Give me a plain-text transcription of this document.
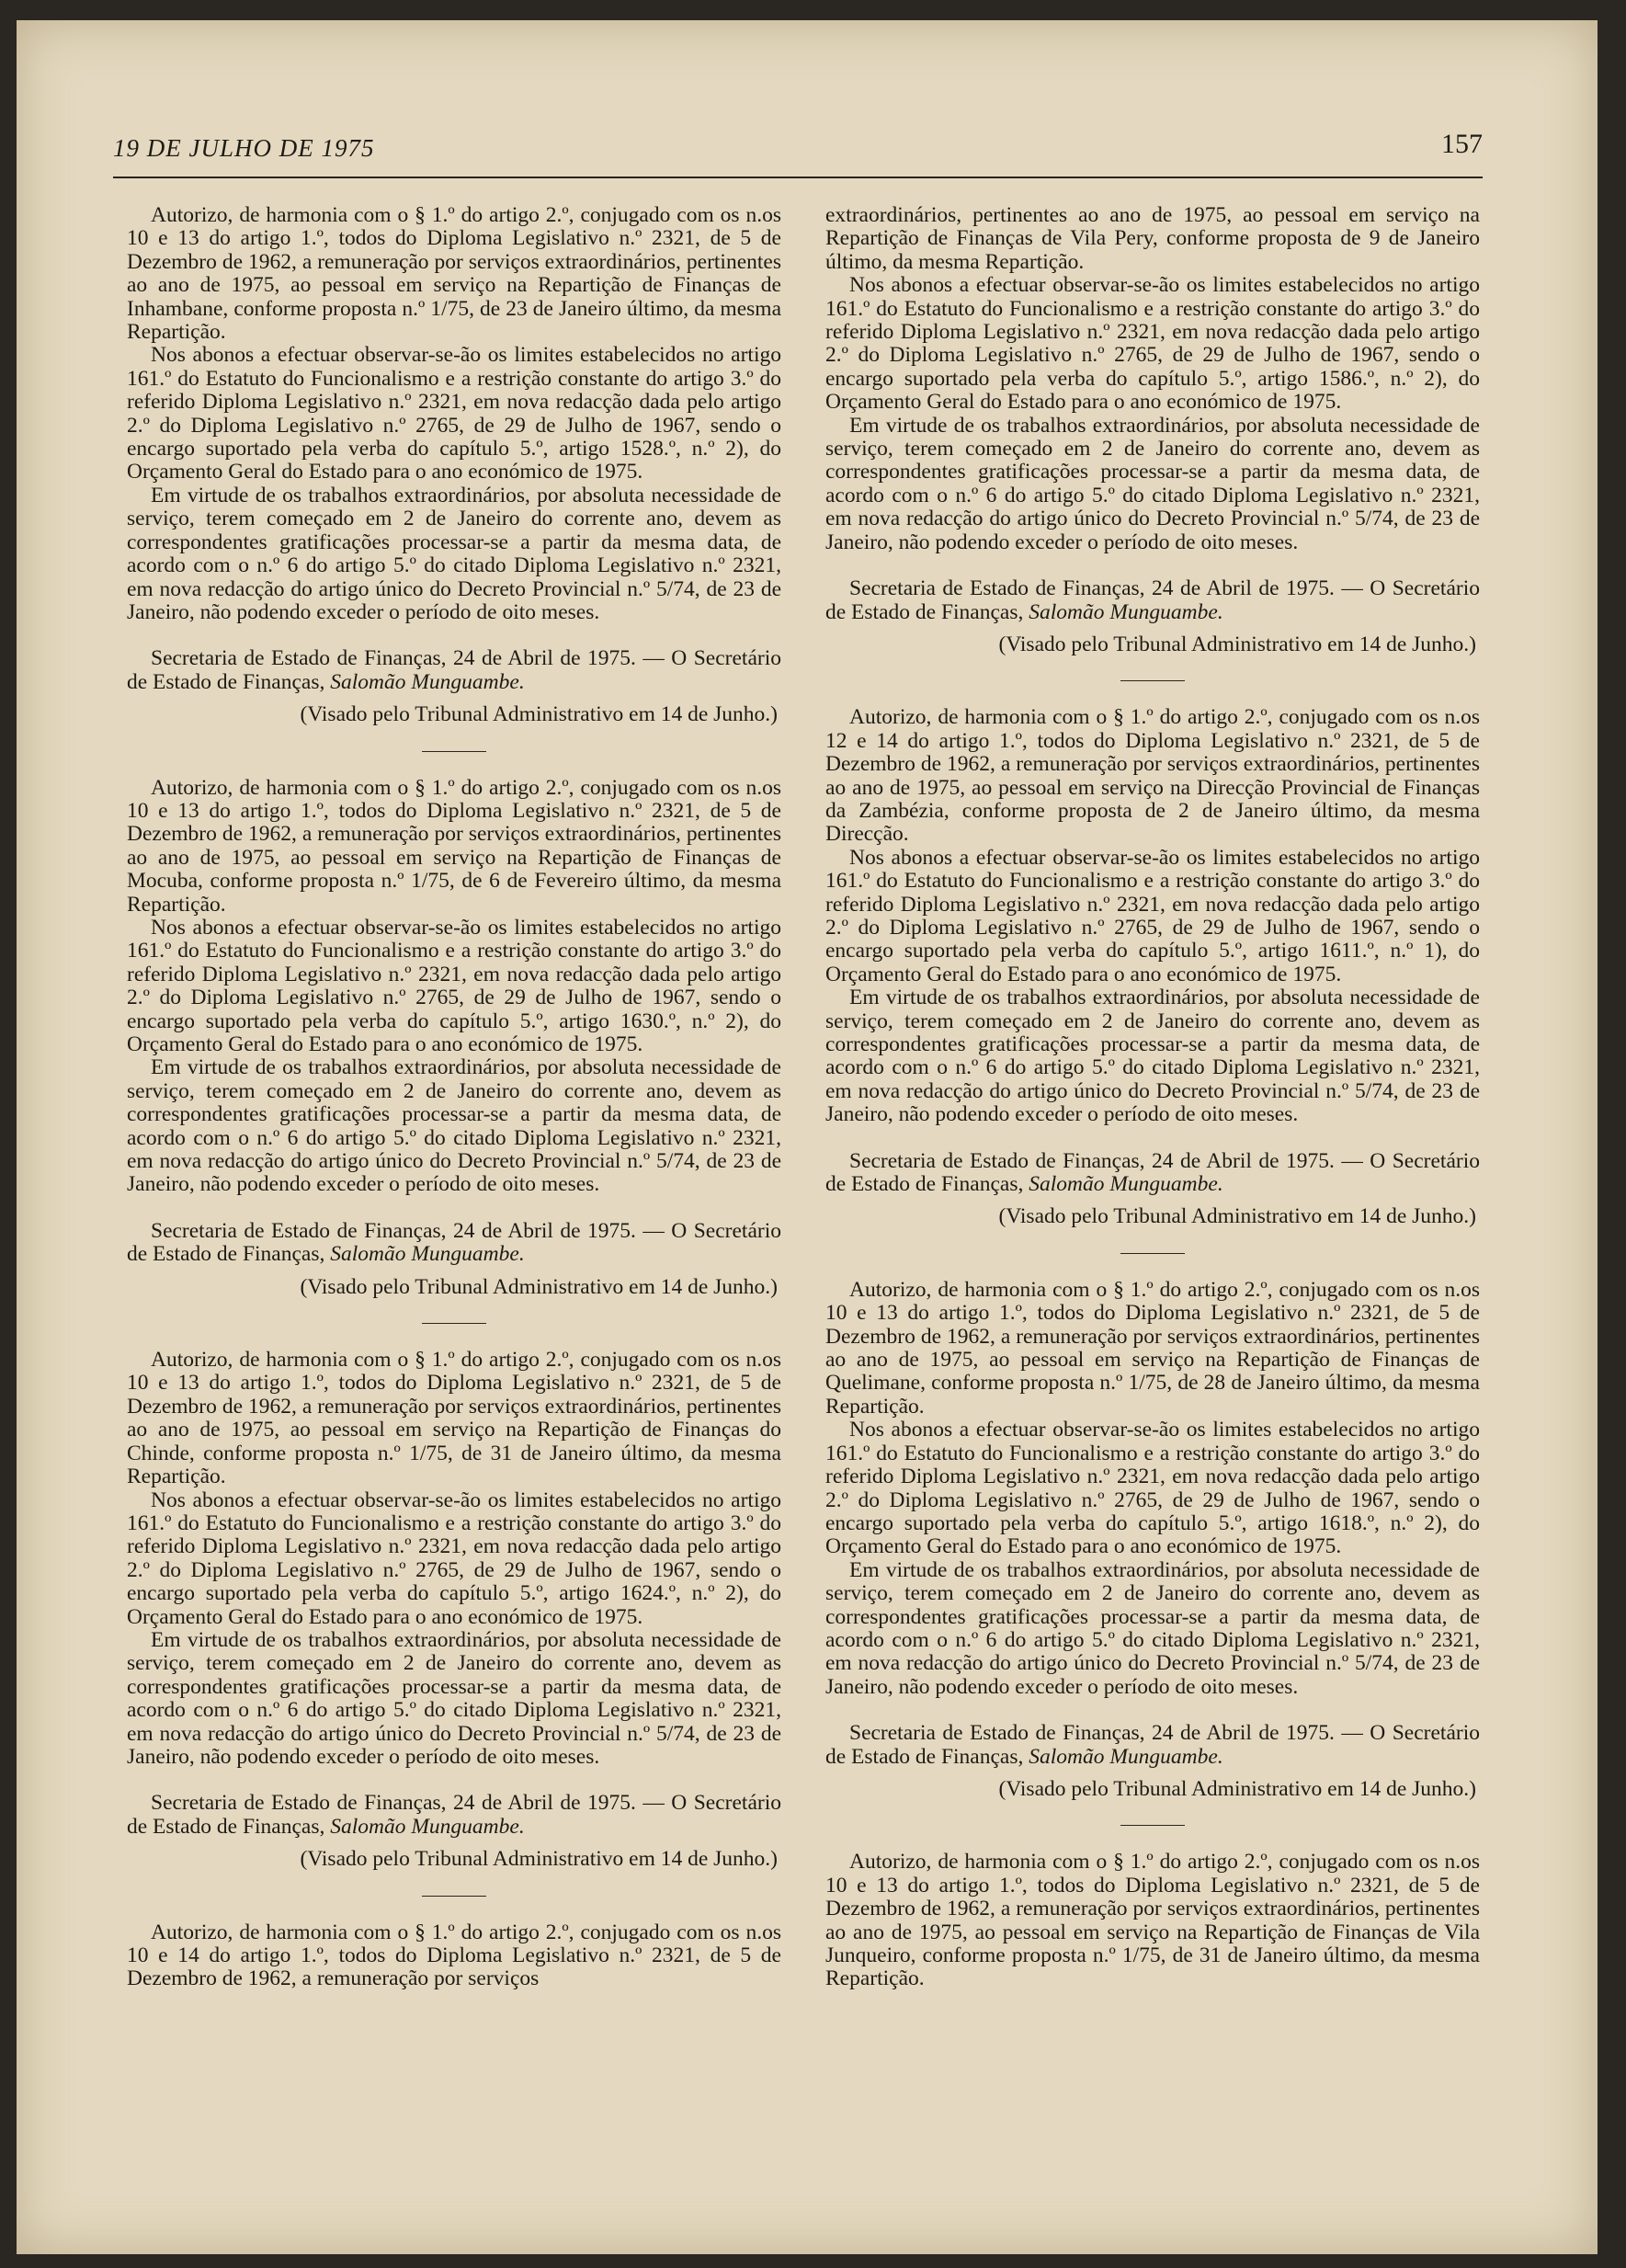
19 DE JULHO DE 1975	157

Autorizo, de harmonia com o § 1.º do artigo 2.º, conjugado com os n.os 10 e 13 do artigo 1.º, todos do Diploma Legislativo n.º 2321, de 5 de Dezembro de 1962, a remuneração por serviços extraordinários, pertinentes ao ano de 1975, ao pessoal em serviço na Repartição de Finanças de Inhambane, conforme proposta n.º 1/75, de 23 de Janeiro último, da mesma Repartição.

Nos abonos a efectuar observar-se-ão os limites estabelecidos no artigo 161.º do Estatuto do Funcionalismo e a restrição constante do artigo 3.º do referido Diploma Legislativo n.º 2321, em nova redacção dada pelo artigo 2.º do Diploma Legislativo n.º 2765, de 29 de Julho de 1967, sendo o encargo suportado pela verba do capítulo 5.º, artigo 1528.º, n.º 2), do Orçamento Geral do Estado para o ano económico de 1975.

Em virtude de os trabalhos extraordinários, por absoluta necessidade de serviço, terem começado em 2 de Janeiro do corrente ano, devem as correspondentes gratificações processar-se a partir da mesma data, de acordo com o n.º 6 do artigo 5.º do citado Diploma Legislativo n.º 2321, em nova redacção do artigo único do Decreto Provincial n.º 5/74, de 23 de Janeiro, não podendo exceder o período de oito meses.

Secretaria de Estado de Finanças, 24 de Abril de 1975. — O Secretário de Estado de Finanças, Salomão Munguambe.

(Visado pelo Tribunal Administrativo em 14 de Junho.)

Autorizo, de harmonia com o § 1.º do artigo 2.º, conjugado com os n.os 10 e 13 do artigo 1.º, todos do Diploma Legislativo n.º 2321, de 5 de Dezembro de 1962, a remuneração por serviços extraordinários, pertinentes ao ano de 1975, ao pessoal em serviço na Repartição de Finanças de Mocuba, conforme proposta n.º 1/75, de 6 de Fevereiro último, da mesma Repartição.

Nos abonos a efectuar observar-se-ão os limites estabelecidos no artigo 161.º do Estatuto do Funcionalismo e a restrição constante do artigo 3.º do referido Diploma Legislativo n.º 2321, em nova redacção dada pelo artigo 2.º do Diploma Legislativo n.º 2765, de 29 de Julho de 1967, sendo o encargo suportado pela verba do capítulo 5.º, artigo 1630.º, n.º 2), do Orçamento Geral do Estado para o ano económico de 1975.

Em virtude de os trabalhos extraordinários, por absoluta necessidade de serviço, terem começado em 2 de Janeiro do corrente ano, devem as correspondentes gratificações processar-se a partir da mesma data, de acordo com o n.º 6 do artigo 5.º do citado Diploma Legislativo n.º 2321, em nova redacção do artigo único do Decreto Provincial n.º 5/74, de 23 de Janeiro, não podendo exceder o período de oito meses.

Secretaria de Estado de Finanças, 24 de Abril de 1975. — O Secretário de Estado de Finanças, Salomão Munguambe.

(Visado pelo Tribunal Administrativo em 14 de Junho.)

Autorizo, de harmonia com o § 1.º do artigo 2.º, conjugado com os n.os 10 e 13 do artigo 1.º, todos do Diploma Legislativo n.º 2321, de 5 de Dezembro de 1962, a remuneração por serviços extraordinários, pertinentes ao ano de 1975, ao pessoal em serviço na Repartição de Finanças do Chinde, conforme proposta n.º 1/75, de 31 de Janeiro último, da mesma Repartição.

Nos abonos a efectuar observar-se-ão os limites estabelecidos no artigo 161.º do Estatuto do Funcionalismo e a restrição constante do artigo 3.º do referido Diploma Legislativo n.º 2321, em nova redacção dada pelo artigo 2.º do Diploma Legislativo n.º 2765, de 29 de Julho de 1967, sendo o encargo suportado pela verba do capítulo 5.º, artigo 1624.º, n.º 2), do Orçamento Geral do Estado para o ano económico de 1975.

Em virtude de os trabalhos extraordinários, por absoluta necessidade de serviço, terem começado em 2 de Janeiro do corrente ano, devem as correspondentes gratificações processar-se a partir da mesma data, de acordo com o n.º 6 do artigo 5.º do citado Diploma Legislativo n.º 2321, em nova redacção do artigo único do Decreto Provincial n.º 5/74, de 23 de Janeiro, não podendo exceder o período de oito meses.

Secretaria de Estado de Finanças, 24 de Abril de 1975. — O Secretário de Estado de Finanças, Salomão Munguambe.

(Visado pelo Tribunal Administrativo em 14 de Junho.)

Autorizo, de harmonia com o § 1.º do artigo 2.º, conjugado com os n.os 10 e 14 do artigo 1.º, todos do Diploma Legislativo n.º 2321, de 5 de Dezembro de 1962, a remuneração por serviços

extraordinários, pertinentes ao ano de 1975, ao pessoal em serviço na Repartição de Finanças de Vila Pery, conforme proposta de 9 de Janeiro último, da mesma Repartição.

Nos abonos a efectuar observar-se-ão os limites estabelecidos no artigo 161.º do Estatuto do Funcionalismo e a restrição constante do artigo 3.º do referido Diploma Legislativo n.º 2321, em nova redacção dada pelo artigo 2.º do Diploma Legislativo n.º 2765, de 29 de Julho de 1967, sendo o encargo suportado pela verba do capítulo 5.º, artigo 1586.º, n.º 2), do Orçamento Geral do Estado para o ano económico de 1975.

Em virtude de os trabalhos extraordinários, por absoluta necessidade de serviço, terem começado em 2 de Janeiro do corrente ano, devem as correspondentes gratificações processar-se a partir da mesma data, de acordo com o n.º 6 do artigo 5.º do citado Diploma Legislativo n.º 2321, em nova redacção do artigo único do Decreto Provincial n.º 5/74, de 23 de Janeiro, não podendo exceder o período de oito meses.

Secretaria de Estado de Finanças, 24 de Abril de 1975. — O Secretário de Estado de Finanças, Salomão Munguambe.

(Visado pelo Tribunal Administrativo em 14 de Junho.)

Autorizo, de harmonia com o § 1.º do artigo 2.º, conjugado com os n.os 12 e 14 do artigo 1.º, todos do Diploma Legislativo n.º 2321, de 5 de Dezembro de 1962, a remuneração por serviços extraordinários, pertinentes ao ano de 1975, ao pessoal em serviço na Direcção Provincial de Finanças da Zambézia, conforme proposta de 2 de Janeiro último, da mesma Direcção.

Nos abonos a efectuar observar-se-ão os limites estabelecidos no artigo 161.º do Estatuto do Funcionalismo e a restrição constante do artigo 3.º do referido Diploma Legislativo n.º 2321, em nova redacção dada pelo artigo 2.º do Diploma Legislativo n.º 2765, de 29 de Julho de 1967, sendo o encargo suportado pela verba do capítulo 5.º, artigo 1611.º, n.º 1), do Orçamento Geral do Estado para o ano económico de 1975.

Em virtude de os trabalhos extraordinários, por absoluta necessidade de serviço, terem começado em 2 de Janeiro do corrente ano, devem as correspondentes gratificações processar-se a partir da mesma data, de acordo com o n.º 6 do artigo 5.º do citado Diploma Legislativo n.º 2321, em nova redacção do artigo único do Decreto Provincial n.º 5/74, de 23 de Janeiro, não podendo exceder o período de oito meses.

Secretaria de Estado de Finanças, 24 de Abril de 1975. — O Secretário de Estado de Finanças, Salomão Munguambe.

(Visado pelo Tribunal Administrativo em 14 de Junho.)

Autorizo, de harmonia com o § 1.º do artigo 2.º, conjugado com os n.os 10 e 13 do artigo 1.º, todos do Diploma Legislativo n.º 2321, de 5 de Dezembro de 1962, a remuneração por serviços extraordinários, pertinentes ao ano de 1975, ao pessoal em serviço na Repartição de Finanças de Quelimane, conforme proposta n.º 1/75, de 28 de Janeiro último, da mesma Repartição.

Nos abonos a efectuar observar-se-ão os limites estabelecidos no artigo 161.º do Estatuto do Funcionalismo e a restrição constante do artigo 3.º do referido Diploma Legislativo n.º 2321, em nova redacção dada pelo artigo 2.º do Diploma Legislativo n.º 2765, de 29 de Julho de 1967, sendo o encargo suportado pela verba do capítulo 5.º, artigo 1618.º, n.º 2), do Orçamento Geral do Estado para o ano económico de 1975.

Em virtude de os trabalhos extraordinários, por absoluta necessidade de serviço, terem começado em 2 de Janeiro do corrente ano, devem as correspondentes gratificações processar-se a partir da mesma data, de acordo com o n.º 6 do artigo 5.º do citado Diploma Legislativo n.º 2321, em nova redacção do artigo único do Decreto Provincial n.º 5/74, de 23 de Janeiro, não podendo exceder o período de oito meses.

Secretaria de Estado de Finanças, 24 de Abril de 1975. — O Secretário de Estado de Finanças, Salomão Munguambe.

(Visado pelo Tribunal Administrativo em 14 de Junho.)

Autorizo, de harmonia com o § 1.º do artigo 2.º, conjugado com os n.os 10 e 13 do artigo 1.º, todos do Diploma Legislativo n.º 2321, de 5 de Dezembro de 1962, a remuneração por serviços extraordinários, pertinentes ao ano de 1975, ao pessoal em serviço na Repartição de Finanças de Vila Junqueiro, conforme proposta n.º 1/75, de 31 de Janeiro último, da mesma Repartição.
